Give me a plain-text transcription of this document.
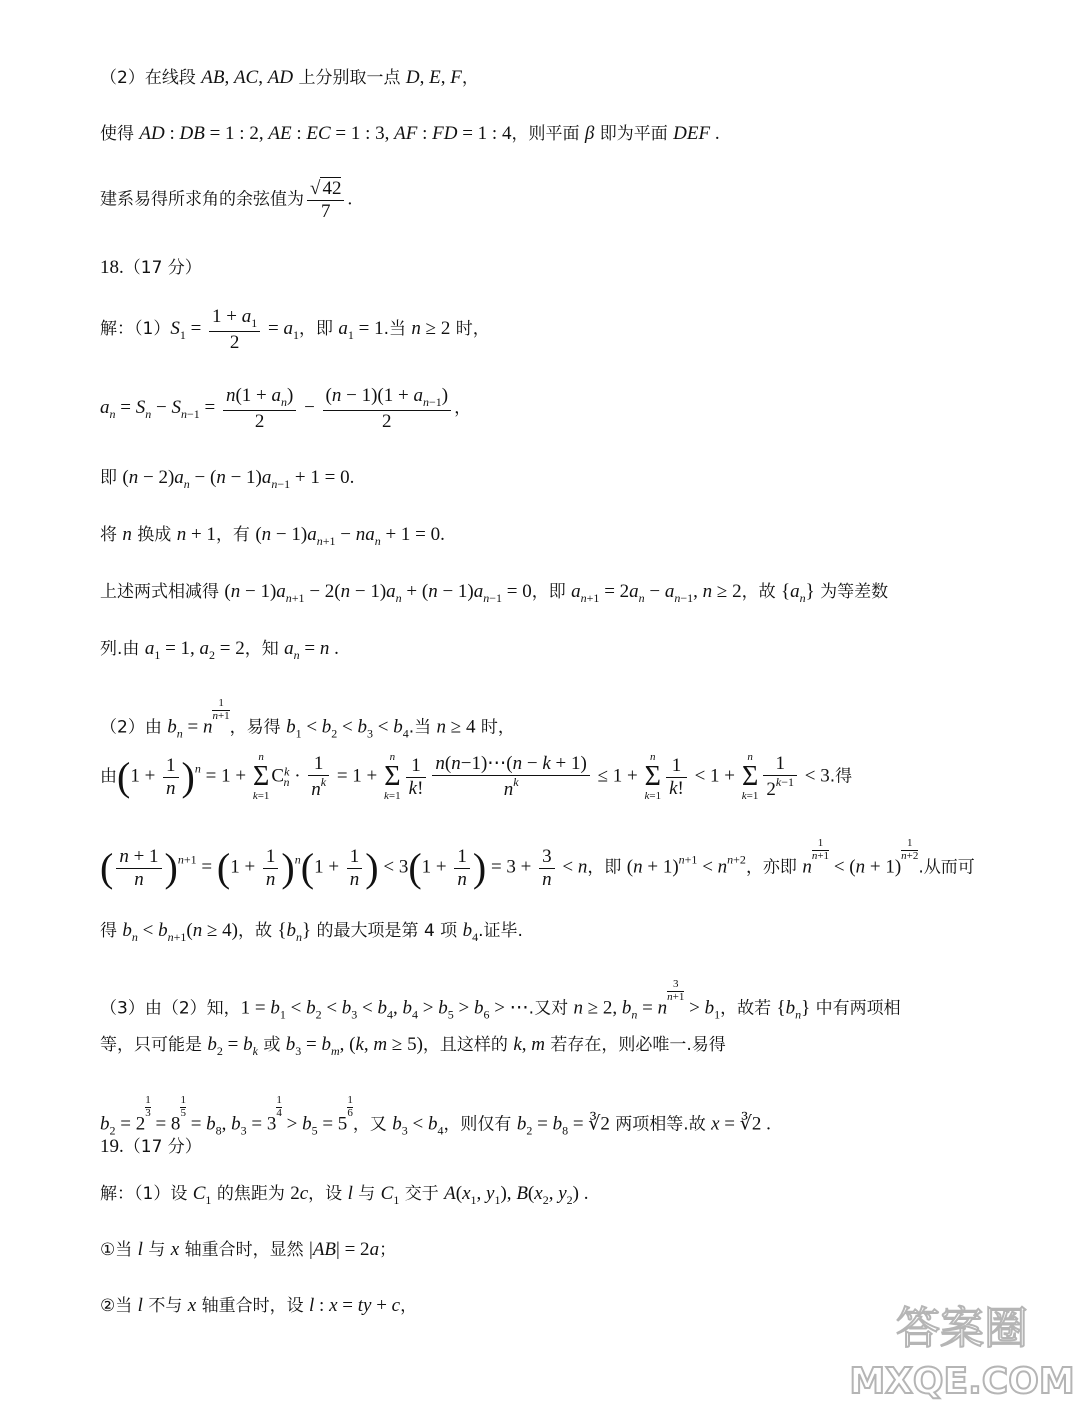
（2）在线段 AB, AC, AD 上分别取一点 D, E, F，
使得 AD : DB = 1 : 2, AE : EC = 1 : 3, AF : FD = 1 : 4，则平面 β 即为平面 DEF .
建系易得所求角的余弦值为 $\frac{√ 42}{7}$ .
18.（17 分）
解：$(1)S_1 = \frac{1 + a_1}{2} = a_1$，即 $a_1 = 1$.当 n ≥ 2 时，
$a_n = S_n - S_{n-1} = \frac{n(1 + a_n)}{2} - \frac{(n - 1)(1 + a_{n-1})}{2}$ ，
即 $(n - 2)a_n - (n - 1)a_{n-1} + 1 = 0$.
将 n 换成 n + 1，有 $(n - 1)a_{n+1} - na_n + 1 = 0$.
上述两式相减得 $(n - 1)a_{n+1} - 2(n - 1)a_n + (n - 1)a_{n-1} = 0$，即 $a_{n+1} = 2a_n - a_{n-1}$, n ≥ 2，故 $\{a_n\}$ 为等差数
列.由 $a_1 = 1$, $a_2 = 2$，知 $a_n = n$ .
（2）由 $b_n = n$
$\frac{1}{n+1}$
，易得 $b_1 < b_2 < b_3 < b_4$.当 n ≥ 4 时，
由$(1 + \frac{1}{n} )^n = 1 + n$
Σ
$k=1C^k_n \cdot \frac{1}{n^k} = 1 + n$
Σ
$k=1 \frac{1}{k!} \frac{n(n-1)\cdots(n - k + 1)}{n^k} \le 1 + n$
Σ
$k=1 \frac{1}{k!} < 1 + n$
Σ
$k=1 \frac{1}{2^{k-1}} < 3$.得
( $\frac{n + 1}{n} )^{n+1} = (1 + \frac{1}{n} )^n(1 + \frac{1}{n}$ ) < $3(1 + \frac{1}{n}$ ) = $3 + \frac{3}{n} < n$，即 $(n + 1)^{n+1} < n^{n+2}$，亦即 n
$\frac{1}{n+1}$
< (n + 1)
$\frac{1}{n+2}$
.从而可
得 $b_n < b_{n+1}(n \ge 4)$，故 $\{b_n\}$ 的最大项是第 4 项 $b_4$.证毕.
（3）由（2）知，$1 = b_1 < b_2 < b_3 < b_4$, $b_4 > b_5 > b_6$ > ⋯.又对 n ≥ 2, $b_n = n$
$\frac{3}{n+1}$
> $b_1$，故若 $\{b_n\}$ 中有两项相
等，只可能是 $b_2 = b_k$ 或 $b_3 = b_m$, (k, m ≥ 5)，且这样的 k, m 若存在，则必唯一.易得
$b_2 = 2$
$\frac{1}{3}$
= 8
$\frac{1}{5}$
= $b_8$, $b_3 = 3$
$\frac{1}{4}$
> $b_5 = 5$
$\frac{1}{6}$
，又 $b_3 < b_4$，则仅有 $b_2 = b_8$ = ∛2 两项相等.故 x = ∛2 .
19.（17 分）
解：（1）设 $C_1$ 的焦距为 2c，设 l 与 $C_1$ 交于 $A(x_1$, $y_1$), $B(x_2$, $y_2$) .
①当 l 与 x 轴重合时，显然 |AB| = 2a；
②当 l 不与 x 轴重合时，设 l : x = ty + c，	答案圈
MXQE.COM
